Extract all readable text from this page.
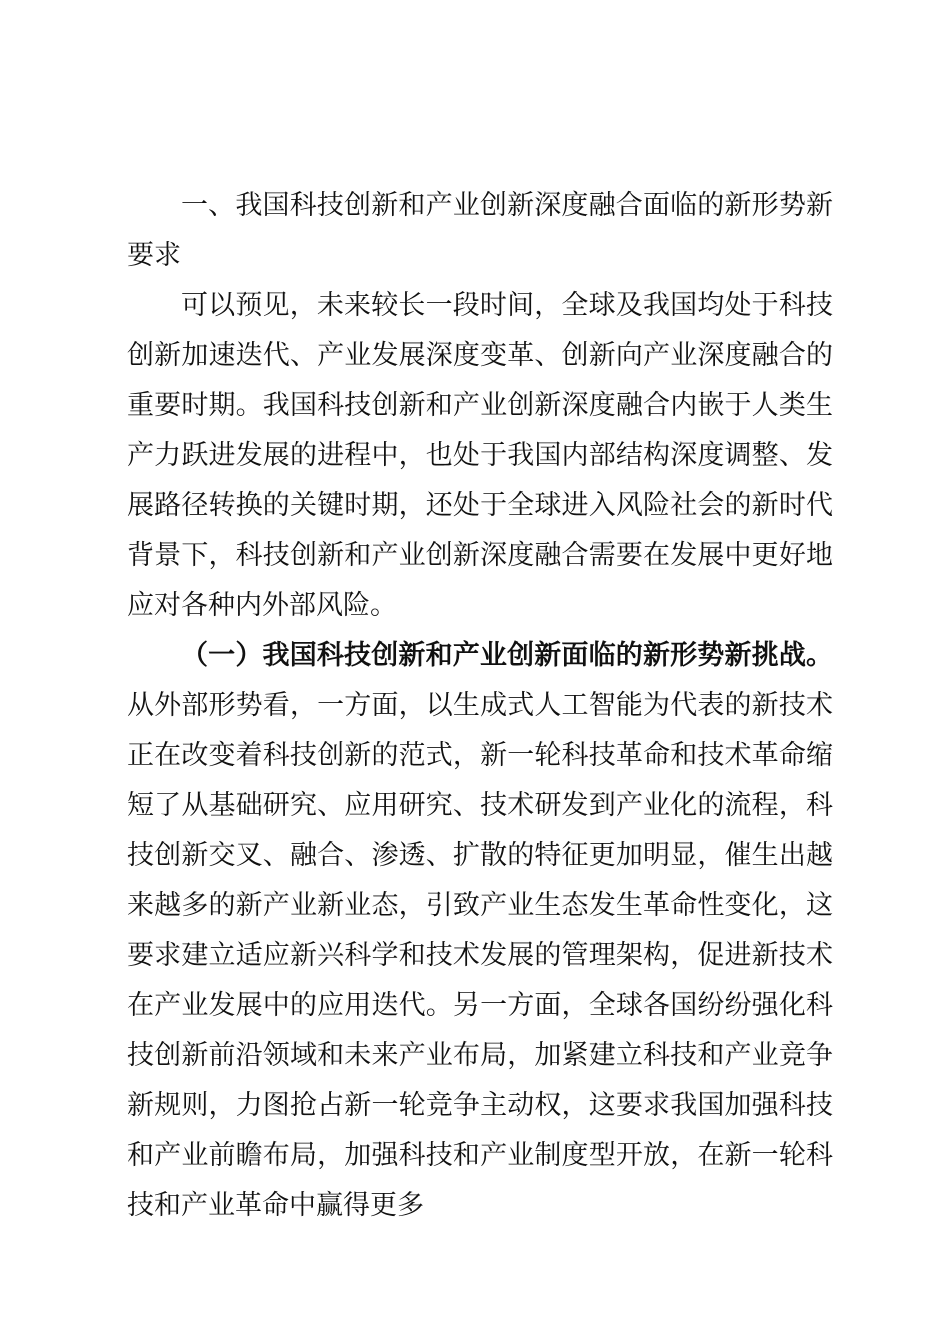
一、我国科技创新和产业创新深度融合面临的新形势新要求

可以预见，未来较长一段时间，全球及我国均处于科技创新加速迭代、产业发展深度变革、创新向产业深度融合的重要时期。我国科技创新和产业创新深度融合内嵌于人类生产力跃进发展的进程中，也处于我国内部结构深度调整、发展路径转换的关键时期，还处于全球进入风险社会的新时代背景下，科技创新和产业创新深度融合需要在发展中更好地应对各种内外部风险。

（一）我国科技创新和产业创新面临的新形势新挑战。从外部形势看，一方面，以生成式人工智能为代表的新技术正在改变着科技创新的范式，新一轮科技革命和技术革命缩短了从基础研究、应用研究、技术研发到产业化的流程，科技创新交叉、融合、渗透、扩散的特征更加明显，催生出越来越多的新产业新业态，引致产业生态发生革命性变化，这要求建立适应新兴科学和技术发展的管理架构，促进新技术在产业发展中的应用迭代。另一方面，全球各国纷纷强化科技创新前沿领域和未来产业布局，加紧建立科技和产业竞争新规则，力图抢占新一轮竞争主动权，这要求我国加强科技和产业前瞻布局，加强科技和产业制度型开放，在新一轮科技和产业革命中赢得更多
